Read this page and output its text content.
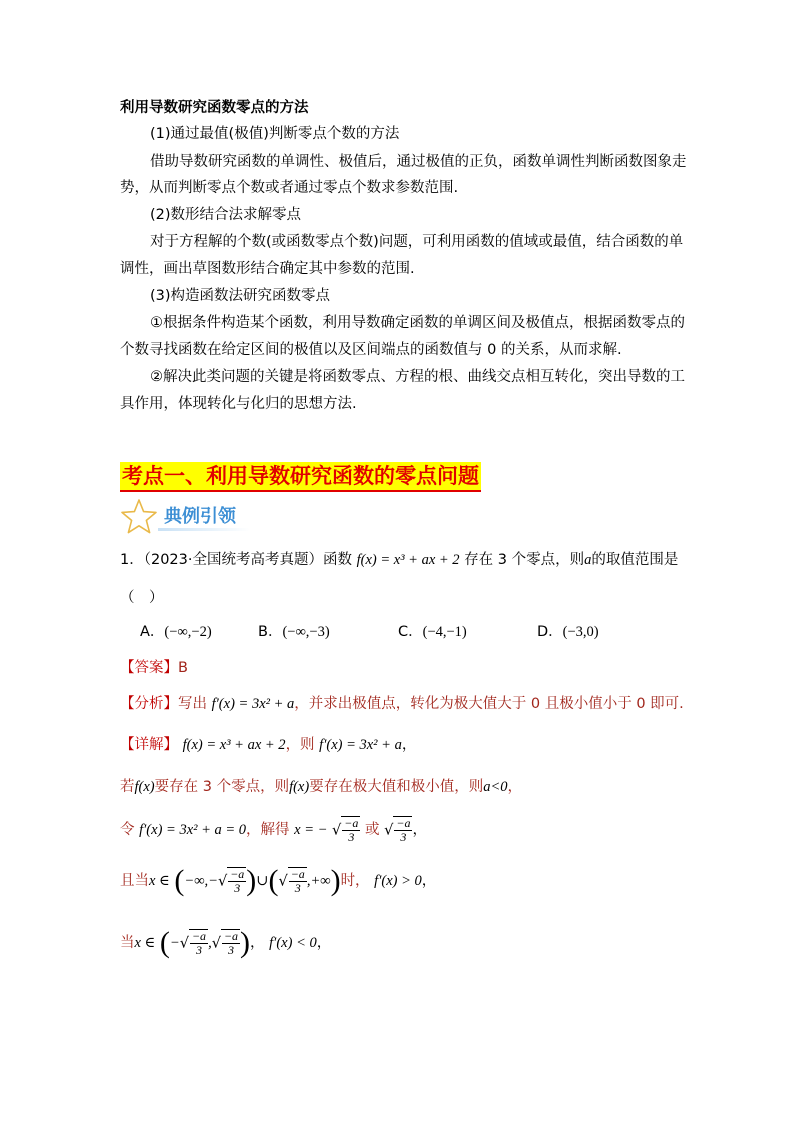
利用导数研究函数零点的方法
(1)通过最值(极值)判断零点个数的方法
借助导数研究函数的单调性、极值后，通过极值的正负，函数单调性判断函数图象走
势，从而判断零点个数或者通过零点个数求参数范围.
(2)数形结合法求解零点
对于方程解的个数(或函数零点个数)问题，可利用函数的值域或最值，结合函数的单
调性，画出草图数形结合确定其中参数的范围.
(3)构造函数法研究函数零点
①根据条件构造某个函数，利用导数确定函数的单调区间及极值点，根据函数零点的
个数寻找函数在给定区间的极值以及区间端点的函数值与 0 的关系，从而求解.
②解决此类问题的关键是将函数零点、方程的根、曲线交点相互转化，突出导数的工
具作用，体现转化与化归的思想方法.
考点一、利用导数研究函数的零点问题
典例引领
1．（2023·全国统考高考真题）函数 f(x) = x³ + ax + 2 存在 3 个零点，则a的取值范围是
（　）
A．(−∞,−2)	B．(−∞,−3)	C．(−4,−1)	D．(−3,0)
【答案】B
【分析】写出 f′(x) = 3x² + a，并求出极值点，转化为极大值大于 0 且极小值小于 0 即可.
【详解】 f(x) = x³ + ax + 2，则 f′(x) = 3x² + a，
若f(x)要存在 3 个零点，则f(x)要存在极大值和极小值，则a<0，
令 f′(x) = 3x² + a = 0，解得 x = − √ $\frac{-a}{3}$ 或 √ $\frac{-a}{3}$ ，
且当x ∈ (−∞,−√ $\frac{-a}{3}$ )∪(√ $\frac{-a}{3}$ ,+∞)时， f′(x) > 0，
当x ∈ (−√ $\frac{-a}{3}$ ,√ $\frac{-a}{3}$ )， f′(x) < 0，
